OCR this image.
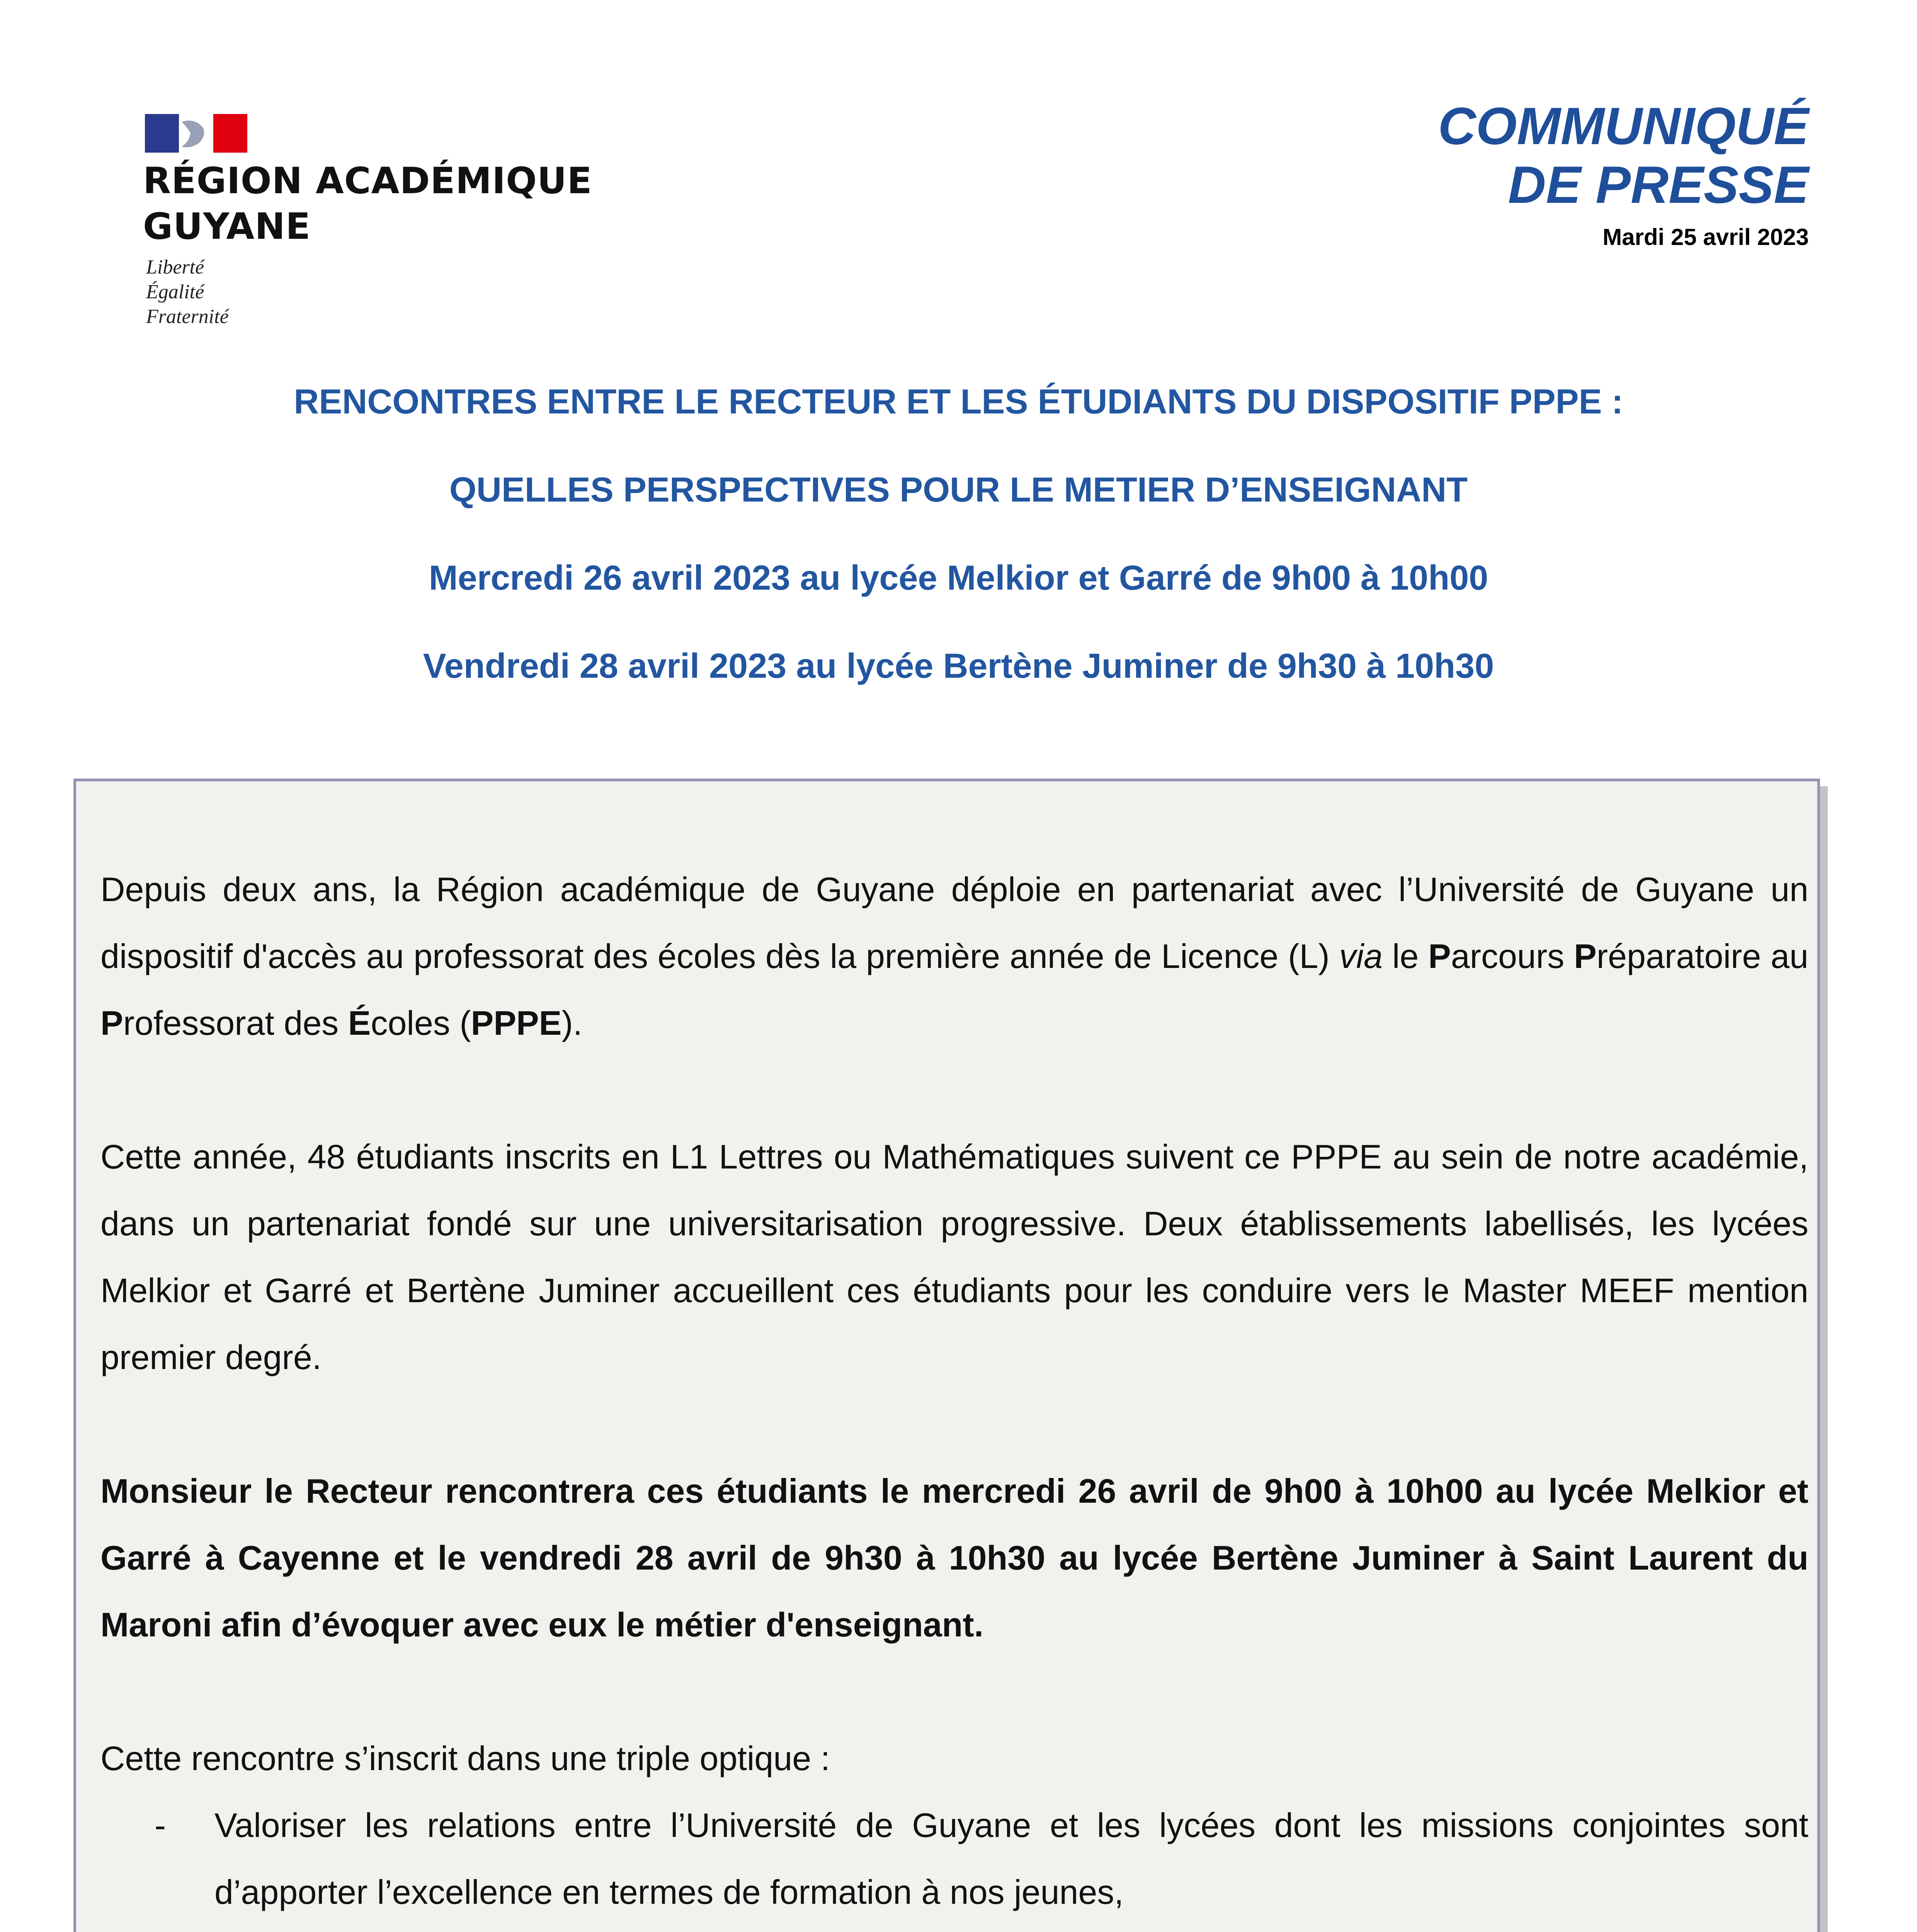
RÉGION ACADÉMIQUE
GUYANE
Liberté
Égalité
Fraternité
COMMUNIQUÉ
DE PRESSE
Mardi 25 avril 2023
RENCONTRES ENTRE LE RECTEUR ET LES ÉTUDIANTS DU DISPOSITIF PPPE :
QUELLES PERSPECTIVES POUR LE METIER D’ENSEIGNANT
Mercredi 26 avril 2023 au lycée Melkior et Garré de 9h00 à 10h00
Vendredi 28 avril 2023 au lycée Bertène Juminer de 9h30 à 10h30

Depuis deux ans, la Région académique de Guyane déploie en partenariat avec l’Université de Guyane un dispositif d'accès au professorat des écoles dès la première année de Licence (L) via le Parcours Préparatoire au Professorat des Écoles (PPPE).

Cette année, 48 étudiants inscrits en L1 Lettres ou Mathématiques suivent ce PPPE au sein de notre académie, dans un partenariat fondé sur une universitarisation progressive. Deux établissements labellisés, les lycées Melkior et Garré et Bertène Juminer accueillent ces étudiants pour les conduire vers le Master MEEF mention premier degré.

Monsieur le Recteur rencontrera ces étudiants le mercredi 26 avril de 9h00 à 10h00 au lycée Melkior et Garré à Cayenne et le vendredi 28 avril de 9h30 à 10h30 au lycée Bertène Juminer à Saint Laurent du Maroni afin d’évoquer avec eux le métier d'enseignant.

Cette rencontre s’inscrit dans une triple optique :

- Valoriser les relations entre l’Université de Guyane et les lycées dont les missions conjointes sont d’apporter l’excellence en termes de formation à nos jeunes,
